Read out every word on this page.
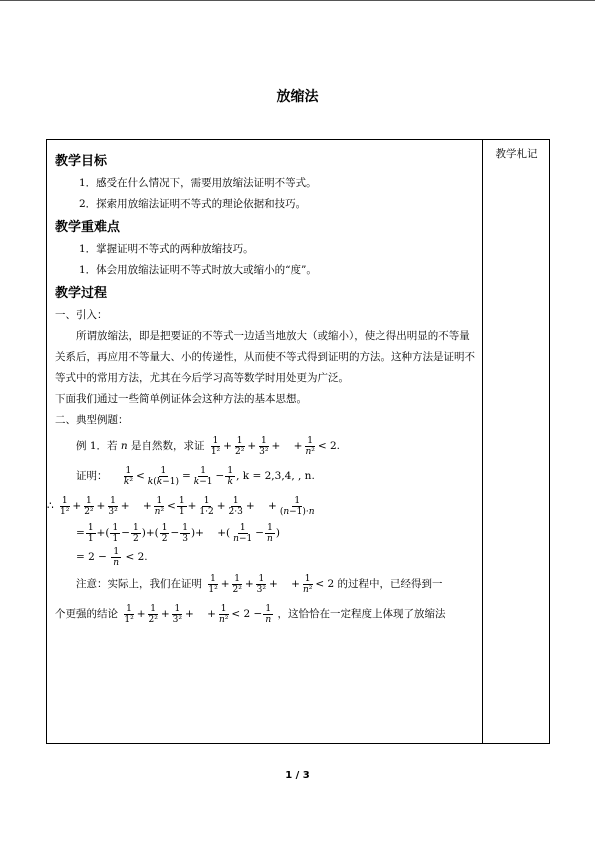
放缩法
教学札记
教学目标
1．感受在什么情况下，需要用放缩法证明不等式。
2．探索用放缩法证明不等式的理论依据和技巧。
教学重难点
1．掌握证明不等式的两种放缩技巧。
1．体会用放缩法证明不等式时放大或缩小的“度”。
教学过程
一、引入：
所谓放缩法，即是把要证的不等式一边适当地放大（或缩小），使之得出明显的不等量关系后，再应用不等量大、小的传递性，从而使不等式得到证明的方法。这种方法是证明不等式中的常用方法，尤其在今后学习高等数学时用处更为广泛。
下面我们通过一些简单例证体会这种方法的基本思想。
二、典型例题：
例 1．若 n 是自然数，求证 $\frac{1}{\text{1²}} + \frac{1}{\text{2²}} + \frac{1}{\text{3²}}$ +    + $\frac{1}{\text{n²}} < 2$.
证明： $\frac{1}{\text{k²}} < \frac{1}{k(k-1)} = \frac{1}{k-1} - \frac{1}{k}$ , k = 2,3,4, , n.
∴ $\frac{1}{\text{1²}} + \frac{1}{\text{2²}} + \frac{1}{\text{3²}}$ +    + $\frac{1}{\text{n²}} < \frac{1}{1} + \frac{1}{1\cdot 2} + \frac{1}{2\cdot 3}$ +    + $\frac{1}{(n-1)\cdot n}$
= $\frac{1}{1}$ +( $\frac{1}{1} - \frac{1}{2}$ )+( $\frac{1}{2} - \frac{1}{3}$ )+    +( $\frac{1}{n-1} - \frac{1}{n}$ )
= $2 - \frac{1}{n} < 2$.
注意：实际上，我们在证明 $\frac{1}{\text{1²}} + \frac{1}{\text{2²}} + \frac{1}{\text{3²}}$ +    + $\frac{1}{\text{n²}} < 2$ 的过程中，已经得到一
个更强的结论 $\frac{1}{\text{1²}} + \frac{1}{\text{2²}} + \frac{1}{\text{3²}}$ +    + $\frac{1}{\text{n²}} < 2 - \frac{1}{n}$ ，这恰恰在一定程度上体现了放缩法
1 / 3
